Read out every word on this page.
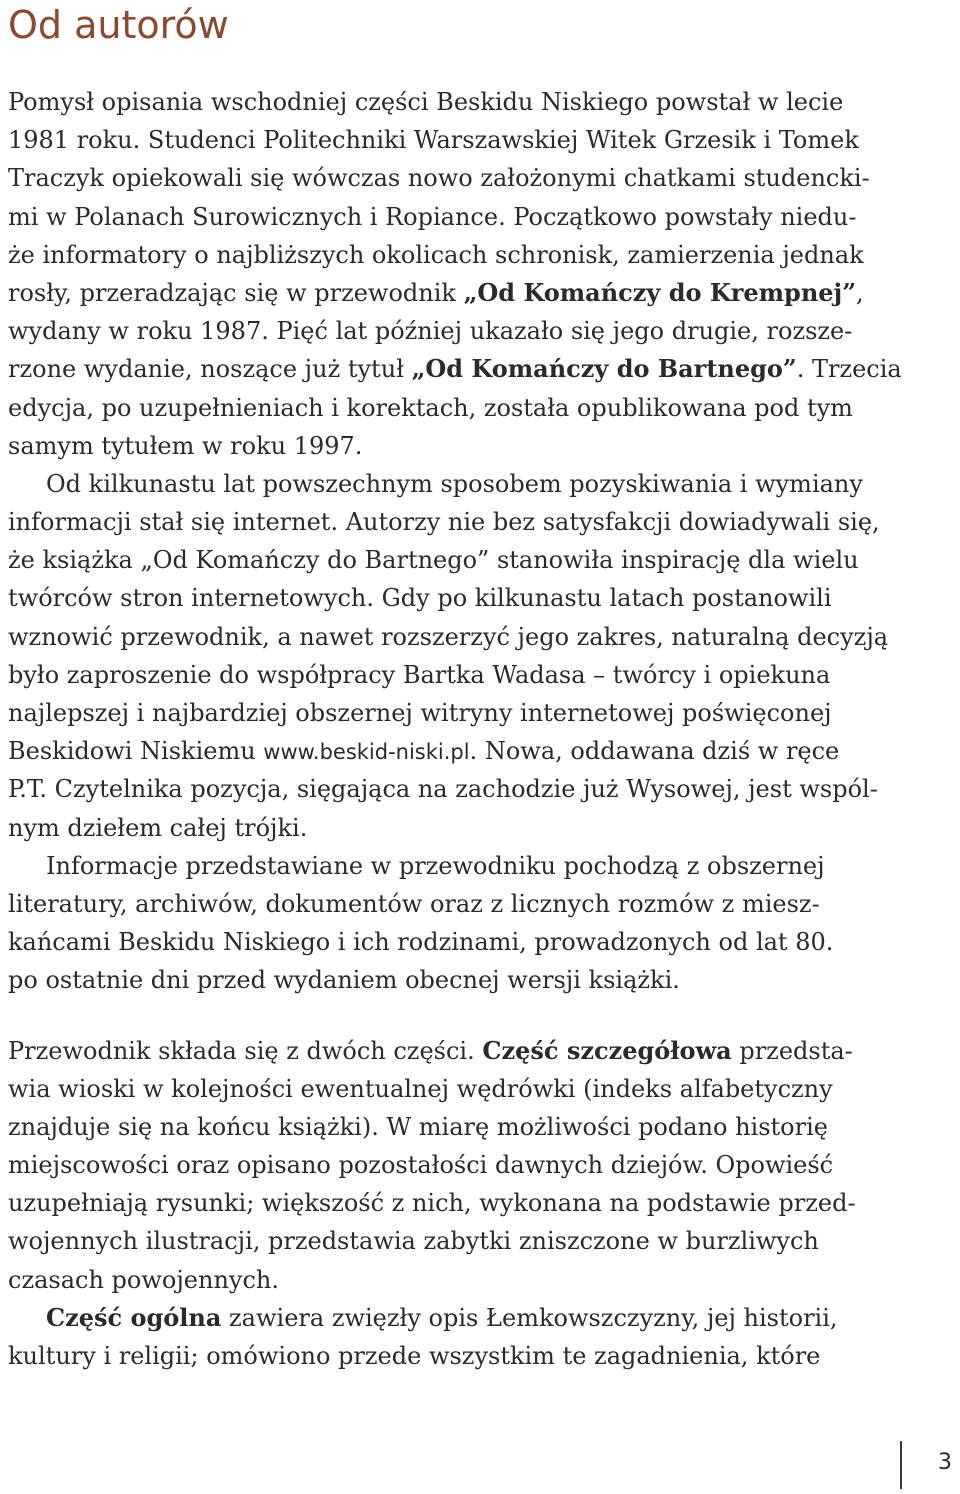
Od autorów
Pomysł opisania wschodniej części Beskidu Niskiego powstał w lecie
1981 roku. Studenci Politechniki Warszawskiej Witek Grzesik i Tomek
Traczyk opiekowali się wówczas nowo założonymi chatkami studencki-
mi w Polanach Surowicznych i Ropiance. Początkowo powstały niedu-
że informatory o najbliższych okolicach schronisk, zamierzenia jednak
rosły, przeradzając się w przewodnik „Od Komańczy do Krempnej”,
wydany w roku 1987. Pięć lat później ukazało się jego drugie, rozsze-
rzone wydanie, noszące już tytuł „Od Komańczy do Bartnego”. Trzecia
edycja, po uzupełnieniach i korektach, została opublikowana pod tym
samym tytułem w roku 1997.
Od kilkunastu lat powszechnym sposobem pozyskiwania i wymiany
informacji stał się internet. Autorzy nie bez satysfakcji dowiadywali się,
że książka „Od Komańczy do Bartnego” stanowiła inspirację dla wielu
twórców stron internetowych. Gdy po kilkunastu latach postanowili
wznowić przewodnik, a nawet rozszerzyć jego zakres, naturalną decyzją
było zaproszenie do współpracy Bartka Wadasa – twórcy i opiekuna
najlepszej i najbardziej obszernej witryny internetowej poświęconej
Beskidowi Niskiemu www.beskid-niski.pl. Nowa, oddawana dziś w ręce
P.T. Czytelnika pozycja, sięgająca na zachodzie już Wysowej, jest wspól-
nym dziełem całej trójki.
Informacje przedstawiane w przewodniku pochodzą z obszernej
literatury, archiwów, dokumentów oraz z licznych rozmów z miesz-
kańcami Beskidu Niskiego i ich rodzinami, prowadzonych od lat 80.
po ostatnie dni przed wydaniem obecnej wersji książki.
Przewodnik składa się z dwóch części. Część szczegółowa przedsta-
wia wioski w kolejności ewentualnej wędrówki (indeks alfabetyczny
znajduje się na końcu książki). W miarę możliwości podano historię
miejscowości oraz opisano pozostałości dawnych dziejów. Opowieść
uzupełniają rysunki; większość z nich, wykonana na podstawie przed-
wojennych ilustracji, przedstawia zabytki zniszczone w burzliwych
czasach powojennych.
Część ogólna zawiera zwięzły opis Łemkowszczyzny, jej historii,
kultury i religii; omówiono przede wszystkim te zagadnienia, które
3
